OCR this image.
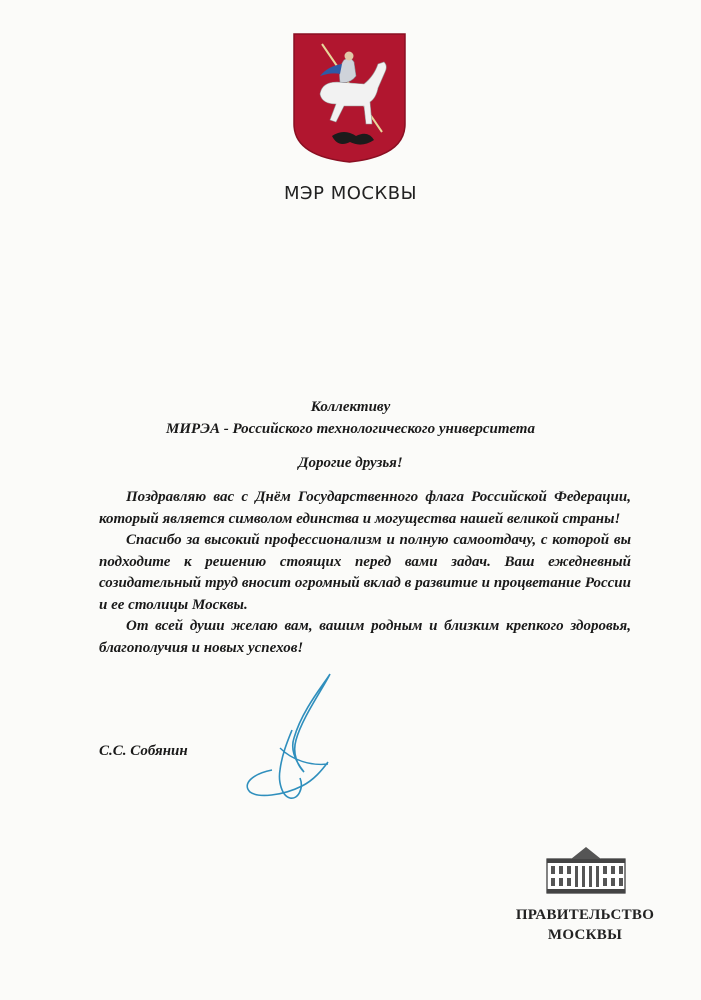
МЭР МОСКВЫ
Коллективу
МИРЭА - Российского технологического университета
Дорогие друзья!

Поздравляю вас с Днём Государственного флага Российской Федерации, который является символом единства и могущества нашей великой страны!

Спасибо за высокий профессионализм и полную самоотдачу, с которой вы подходите к решению стоящих перед вами задач. Ваш ежедневный созидательный труд вносит огромный вклад в развитие и процветание России и ее столицы Москвы.

От всей души желаю вам, вашим родным и близким крепкого здоровья, благополучия и новых успехов!

С.С. Собянин
ПРАВИТЕЛЬСТВО
МОСКВЫ
